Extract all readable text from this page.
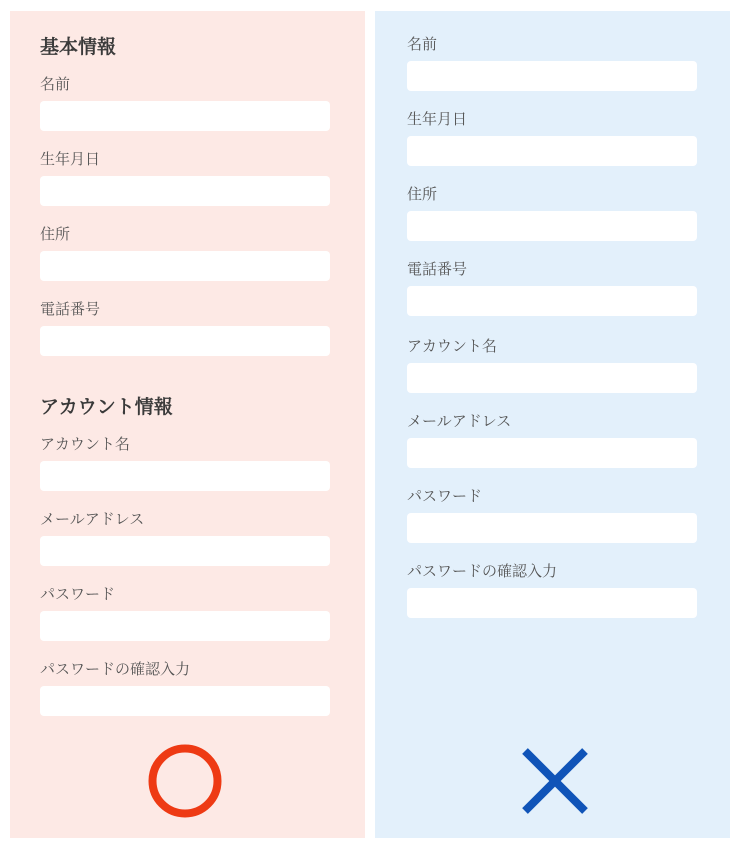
基本情報
名前
生年月日
住所
電話番号
アカウント情報
アカウント名
メールアドレス
パスワード
パスワードの確認入力
名前
生年月日
住所
電話番号
アカウント名
メールアドレス
パスワード
パスワードの確認入力
